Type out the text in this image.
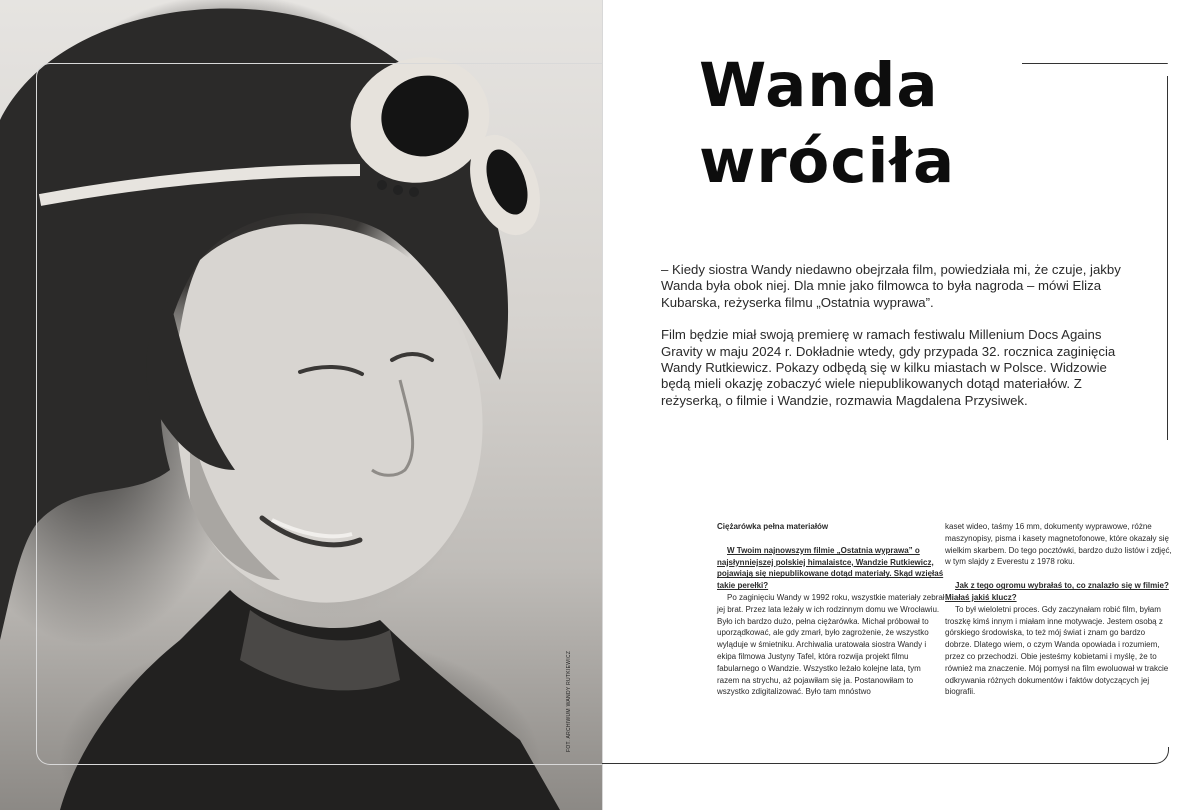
FOT. ARCHIWUM WANDY RUTKIEWICZ
Wanda
wróciła

– Kiedy siostra Wandy niedawno obejrzała film, powiedziała mi, że czuje, jakby Wanda była obok niej. Dla mnie jako filmowca to była nagroda – mówi Eliza Kubarska, reżyserka filmu „Ostatnia wyprawa”.

Film będzie miał swoją premierę w ramach festiwalu Millenium Docs Agains Gravity w maju 2024 r. Dokładnie wtedy, gdy przypada 32. rocznica zaginięcia Wandy Rutkiewicz. Pokazy odbędą się w kilku miastach w Polsce. Widzowie będą mieli okazję zobaczyć wiele niepublikowanych dotąd materiałów. Z reżyserką, o filmie i Wandzie, rozmawia Magdalena Przysiwek.

Ciężarówka pełna materiałów

W Twoim najnowszym filmie „Ostatnia wyprawa” o najsłynniejszej polskiej himalaistce, Wandzie Rutkiewicz, pojawiają się niepublikowane dotąd materiały. Skąd wzięłaś takie perełki?

Po zaginięciu Wandy w 1992 roku, wszystkie materiały zebrał jej brat. Przez lata leżały w ich rodzinnym domu we Wrocławiu. Było ich bardzo dużo, pełna ciężarówka. Michał próbował to uporządkować, ale gdy zmarł, było zagrożenie, że wszystko wyląduje w śmietniku. Archiwalia uratowała siostra Wandy i ekipa filmowa Justyny Tafel, która rozwija projekt filmu fabularnego o Wandzie. Wszystko leżało kolejne lata, tym razem na strychu, aż pojawiłam się ja. Postanowiłam to wszystko zdigitalizować. Było tam mnóstwo

kaset wideo, taśmy 16 mm, dokumenty wyprawowe, różne maszynopisy, pisma i kasety magnetofonowe, które okazały się wielkim skarbem. Do tego pocztówki, bardzo dużo listów i zdjęć, w tym slajdy z Everestu z 1978 roku.

Jak z tego ogromu wybrałaś to, co znalazło się w filmie? Miałaś jakiś klucz?

To był wieloletni proces. Gdy zaczynałam robić film, byłam troszkę kimś innym i miałam inne motywacje. Jestem osobą z górskiego środowiska, to też mój świat i znam go bardzo dobrze. Dlatego wiem, o czym Wanda opowiada i rozumiem, przez co przechodzi. Obie jesteśmy kobietami i myślę, że to również ma znaczenie. Mój pomysł na film ewoluował w trakcie odkrywania różnych dokumentów i faktów dotyczących jej biografii.
